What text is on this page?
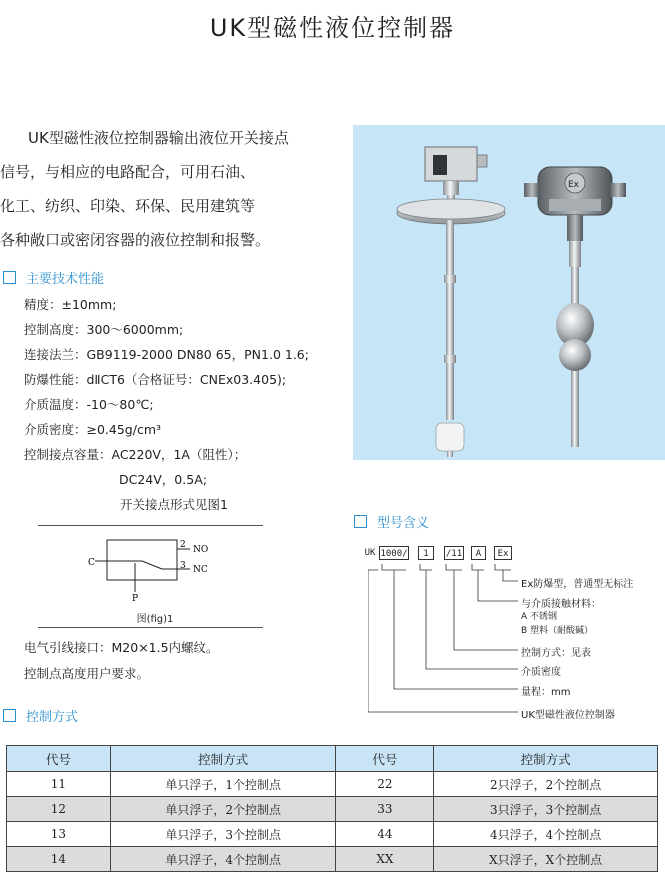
UK型磁性液位控制器
UK型磁性液位控制器输出液位开关接点
信号，与相应的电路配合，可用石油、
化工、纺织、印染、环保、民用建筑等
各种敞口或密闭容器的液位控制和报警。
主要技术性能
精度：±10mm;
控制高度：300～6000mm;
连接法兰：GB9119-2000 DN80 65，PN1.0 1.6;
防爆性能：dⅡCT6（合格证号：CNEx03.405);
介质温度：-10～80℃;
介质密度：≥0.45g/cm³
控制接点容量：AC220V，1A（阻性）；
DC24V，0.5A;
开关接点形式见图1
C
2 NO
3 NC
P
图(fig)1
电气引线接口：M20×1.5内螺纹。
控制点高度用户要求。
控制方式
Ex
型号含义
UK 1000/	1	/11	A	Ex
Ex防爆型，普通型无标注
与介质接触材料：
A 不锈钢
B 塑料（耐酸碱）
控制方式：见表
介质密度
量程：mm
UK型磁性液位控制器
代号	控制方式	代号	控制方式
11	单只浮子，1个控制点	22	2只浮子，2个控制点
12	单只浮子，2个控制点	33	3只浮子，3个控制点
13	单只浮子，3个控制点	44	4只浮子，4个控制点
14	单只浮子，4个控制点	XX	X只浮子，X个控制点
